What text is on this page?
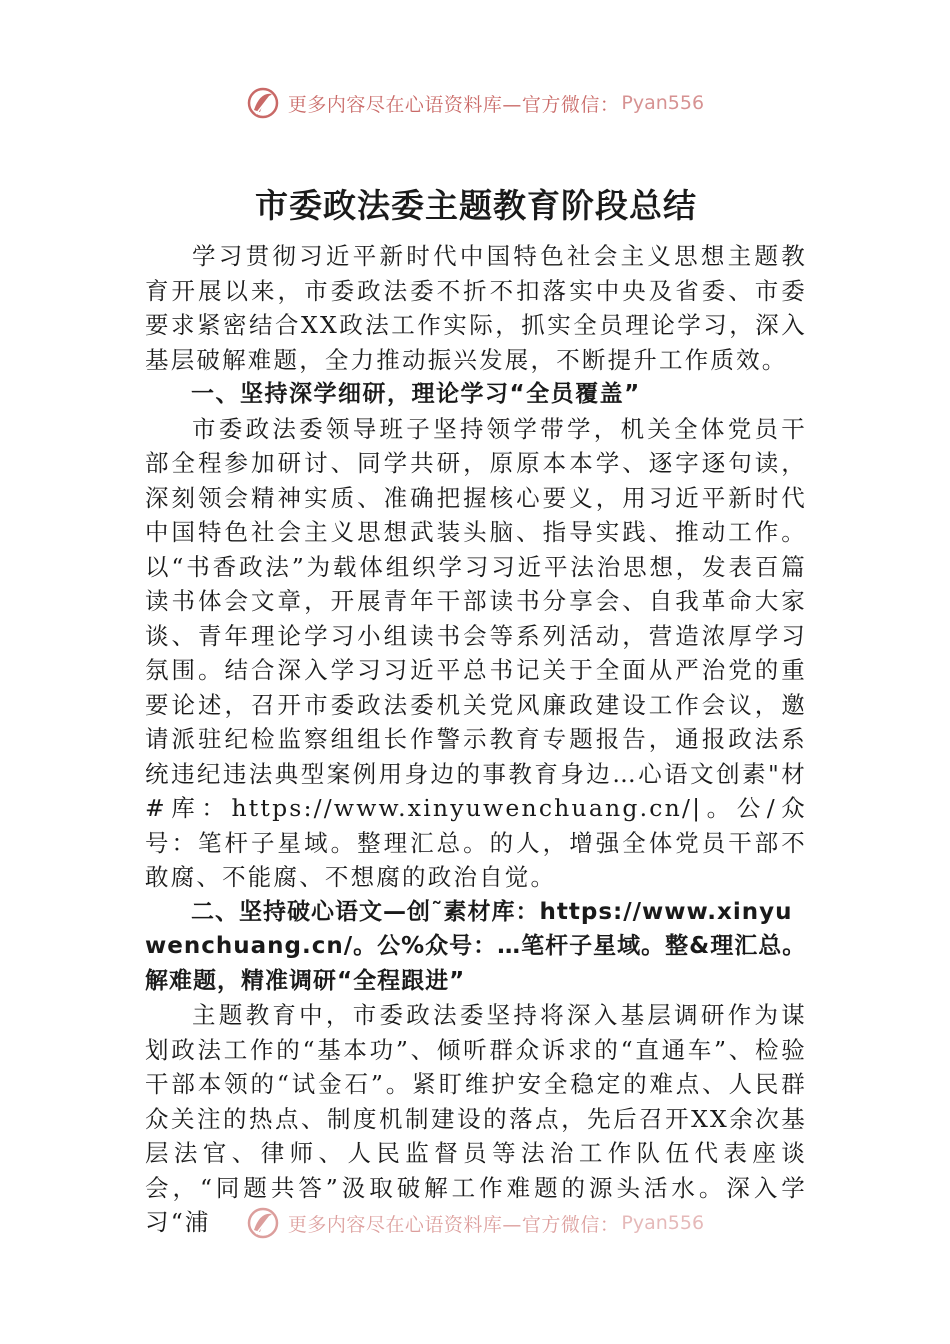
更多内容尽在心语资料库—官方微信： Pyan556
市委政法委主题教育阶段总结

学习贯彻习近平新时代中国特色社会主义思想主题教育开展以来，市委政法委不折不扣落实中央及省委、市委要求紧密结合XX政法工作实际，抓实全员理论学习，深入基层破解难题，全力推动振兴发展，不断提升工作质效。

一、坚持深学细研，理论学习“全员覆盖”

市委政法委领导班子坚持领学带学，机关全体党员干部全程参加研讨、同学共研，原原本本学、逐字逐句读，深刻领会精神实质、准确把握核心要义，用习近平新时代中国特色社会主义思想武装头脑、指导实践、推动工作。以“书香政法”为载体组织学习习近平法治思想，发表百篇读书体会文章，开展青年干部读书分享会、自我革命大家谈、青年理论学习小组读书会等系列活动，营造浓厚学习氛围。结合深入学习习近平总书记关于全面从严治党的重要论述，召开市委政法委机关党风廉政建设工作会议，邀请派驻纪检监察组组长作警示教育专题报告，通报政法系统违纪违法典型案例用身边的事教育身边…心语文创素"材#库：https://www.xinyuwenchuang.cn/|。公/众号：笔杆子星域。整理汇总。的人，增强全体党员干部不敢腐、不能腐、不想腐的政治自觉。

二、坚持破心语文—创˜素材库：https://www.xinyuwenchuang.cn/。公%众号：…笔杆子星域。整&理汇总。解难题，精准调研“全程跟进”

主题教育中，市委政法委坚持将深入基层调研作为谋划政法工作的“基本功”、倾听群众诉求的“直通车”、检验干部本领的“试金石”。紧盯维护安全稳定的难点、人民群众关注的热点、制度机制建设的落点，先后召开XX余次基层法官、律师、人民监督员等法治工作队伍代表座谈会，“同题共答”汲取破解工作难题的源头活水。深入学习“浦	更多内容尽在心语资料库—官方微信： Pyan556
